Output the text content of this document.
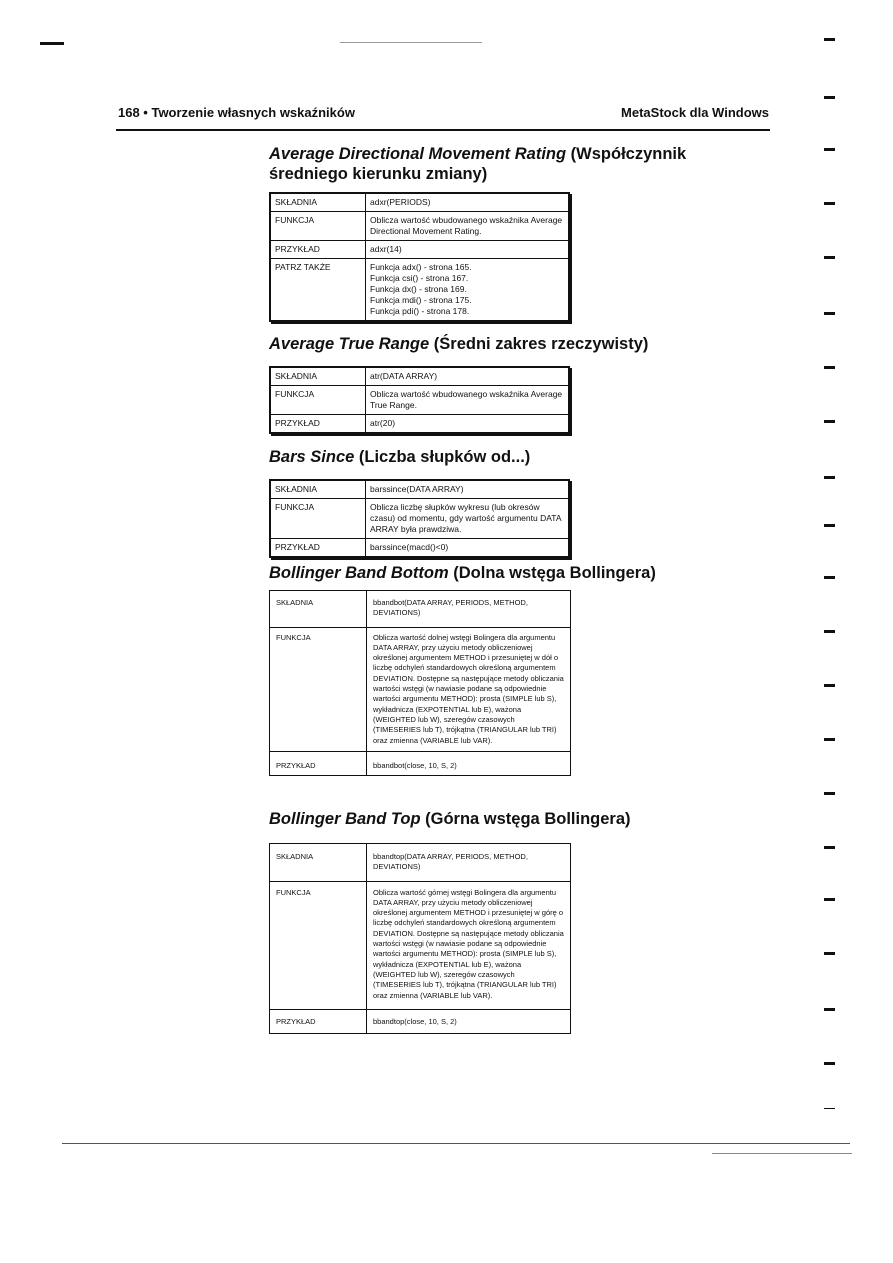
168 • Tworzenie własnych wskaźników	MetaStock dla Windows
Average Directional Movement Rating (Współczynnik średniego kierunku zmiany)
SKŁADNIA	adxr(PERIODS)
FUNKCJA	Oblicza wartość wbudowanego wskaźnika Average Directional Movement Rating.
PRZYKŁAD	adxr(14)
PATRZ TAKŻE	Funkcja adx() - strona 165.
Funkcja csi() - strona 167.
Funkcja dx() - strona 169.
Funkcja mdi() - strona 175.
Funkcja pdi() - strona 178.
Average True Range (Średni zakres rzeczywisty)
SKŁADNIA	atr(DATA ARRAY)
FUNKCJA	Oblicza wartość wbudowanego wskaźnika Average True Range.
PRZYKŁAD	atr(20)
Bars Since (Liczba słupków od...)
SKŁADNIA	barssince(DATA ARRAY)
FUNKCJA	Oblicza liczbę słupków wykresu (lub okresów czasu) od momentu, gdy wartość argumentu DATA ARRAY była prawdziwa.
PRZYKŁAD	barssince(macd()<0)
Bollinger Band Bottom (Dolna wstęga Bollingera)
SKŁADNIA	bbandbot(DATA ARRAY, PERIODS, METHOD, DEVIATIONS)
FUNKCJA	Oblicza wartość dolnej wstęgi Bolingera dla argumentu DATA ARRAY, przy użyciu metody obliczeniowej określonej argumentem METHOD i przesuniętej w dół o liczbę odchyleń standardowych określoną argumentem DEVIATION. Dostępne są następujące metody obliczania wartości wstęgi (w nawiasie podane są odpowiednie wartości argumentu METHOD): prosta (SIMPLE lub S), wykładnicza (EXPOTENTIAL lub E), ważona (WEIGHTED lub W), szeregów czasowych (TIMESERIES lub T), trójkątna (TRIANGULAR lub TRI) oraz zmienna (VARIABLE lub VAR).
PRZYKŁAD	bbandbot(close, 10, S, 2)
Bollinger Band Top (Górna wstęga Bollingera)
SKŁADNIA	bbandtop(DATA ARRAY, PERIODS, METHOD, DEVIATIONS)
FUNKCJA	Oblicza wartość górnej wstęgi Bolingera dla argumentu DATA ARRAY, przy użyciu metody obliczeniowej określonej argumentem METHOD i przesuniętej w górę o liczbę odchyleń standardowych określoną argumentem DEVIATION. Dostępne są następujące metody obliczania wartości wstęgi (w nawiasie podane są odpowiednie wartości argumentu METHOD): prosta (SIMPLE lub S), wykładnicza (EXPOTENTIAL lub E), ważona (WEIGHTED lub W), szeregów czasowych (TIMESERIES lub T), trójkątna (TRIANGULAR lub TRI) oraz zmienna (VARIABLE lub VAR).
PRZYKŁAD	bbandtop(close, 10, S, 2)
